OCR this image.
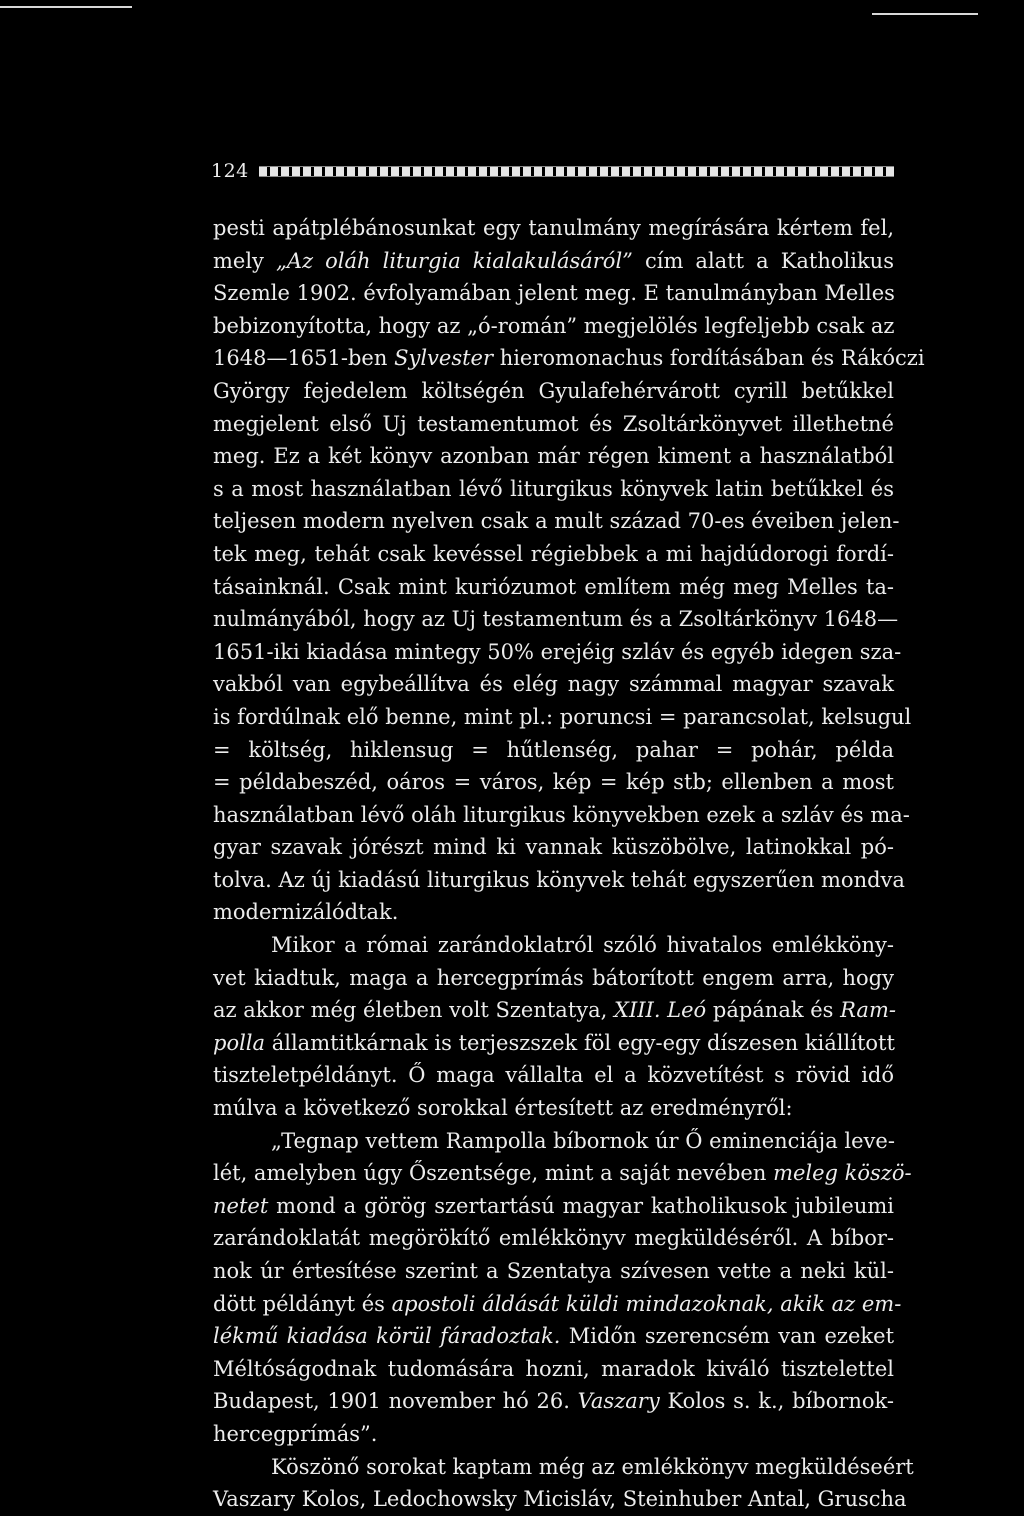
124
pesti apátplébánosunkat egy tanulmány megírására kértem fel,
mely „Az oláh liturgia kialakulásáról” cím alatt a Katholikus
Szemle 1902. évfolyamában jelent meg. E tanulmányban Melles
bebizonyította, hogy az „ó-román” megjelölés legfeljebb csak az
1648—1651-ben Sylvester hieromonachus fordításában és Rákóczi
György fejedelem költségén Gyulafehérvárott cyrill betűkkel
megjelent első Uj testamentumot és Zsoltárkönyvet illethetné
meg. Ez a két könyv azonban már régen kiment a használatból
s a most használatban lévő liturgikus könyvek latin betűkkel és
teljesen modern nyelven csak a mult század 70-es éveiben jelen-
tek meg, tehát csak kevéssel régiebbek a mi hajdúdorogi fordí-
tásainknál. Csak mint kuriózumot említem még meg Melles ta-
nulmányából, hogy az Uj testamentum és a Zsoltárkönyv 1648—
1651-iki kiadása mintegy 50% erejéig szláv és egyéb idegen sza-
vakból van egybeállítva és elég nagy számmal magyar szavak
is fordúlnak elő benne, mint pl.: poruncsi = parancsolat, kelsugul
= költség, hiklensug = hűtlenség, pahar = pohár, példa
= példabeszéd, oáros = város, kép = kép stb; ellenben a most
használatban lévő oláh liturgikus könyvekben ezek a szláv és ma-
gyar szavak jórészt mind ki vannak küszöbölve, latinokkal pó-
tolva. Az új kiadású liturgikus könyvek tehát egyszerűen mondva
modernizálódtak.
Mikor a római zarándoklatról szóló hivatalos emlékköny-
vet kiadtuk, maga a hercegprímás bátorított engem arra, hogy
az akkor még életben volt Szentatya, XIII. Leó pápának és Ram-
polla államtitkárnak is terjeszszek föl egy-egy díszesen kiállított
tiszteletpéldányt. Ő maga vállalta el a közvetítést s rövid idő
múlva a következő sorokkal értesített az eredményről:
„Tegnap vettem Rampolla bíbornok úr Ő eminenciája leve-
lét, amelyben úgy Őszentsége, mint a saját nevében meleg köszö-
netet mond a görög szertartású magyar katholikusok jubileumi
zarándoklatát megörökítő emlékkönyv megküldéséről. A bíbor-
nok úr értesítése szerint a Szentatya szívesen vette a neki kül-
dött példányt és apostoli áldását küldi mindazoknak, akik az em-
lékmű kiadása körül fáradoztak. Midőn szerencsém van ezeket
Méltóságodnak tudomására hozni, maradok kiváló tisztelettel
Budapest, 1901 november hó 26. Vaszary Kolos s. k., bíbornok-
hercegprímás”.
Köszönő sorokat kaptam még az emlékkönyv megküldéseért
Vaszary Kolos, Ledochowsky Micisláv, Steinhuber Antal, Gruscha
